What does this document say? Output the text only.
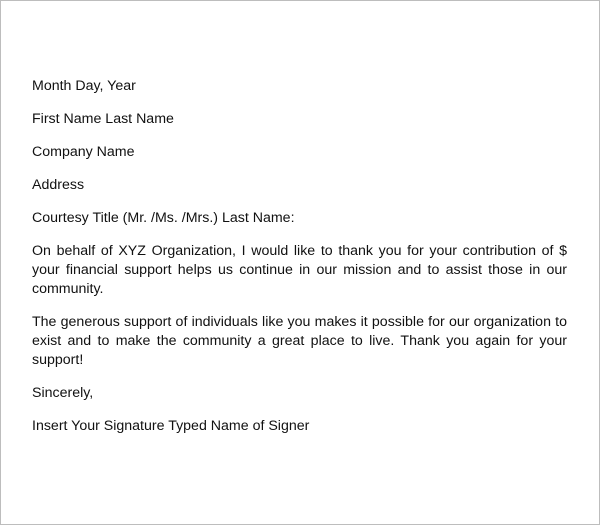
Month Day, Year
First Name Last Name
Company Name
Address
Courtesy Title (Mr. /Ms. /Mrs.) Last Name:
On behalf of XYZ Organization, I would like to thank you for your contribution of $ your financial support helps us continue in our mission and to assist those in our community.
The generous support of individuals like you makes it possible for our organization to exist and to make the community a great place to live. Thank you again for your support!
Sincerely,
Insert Your Signature Typed Name of Signer
